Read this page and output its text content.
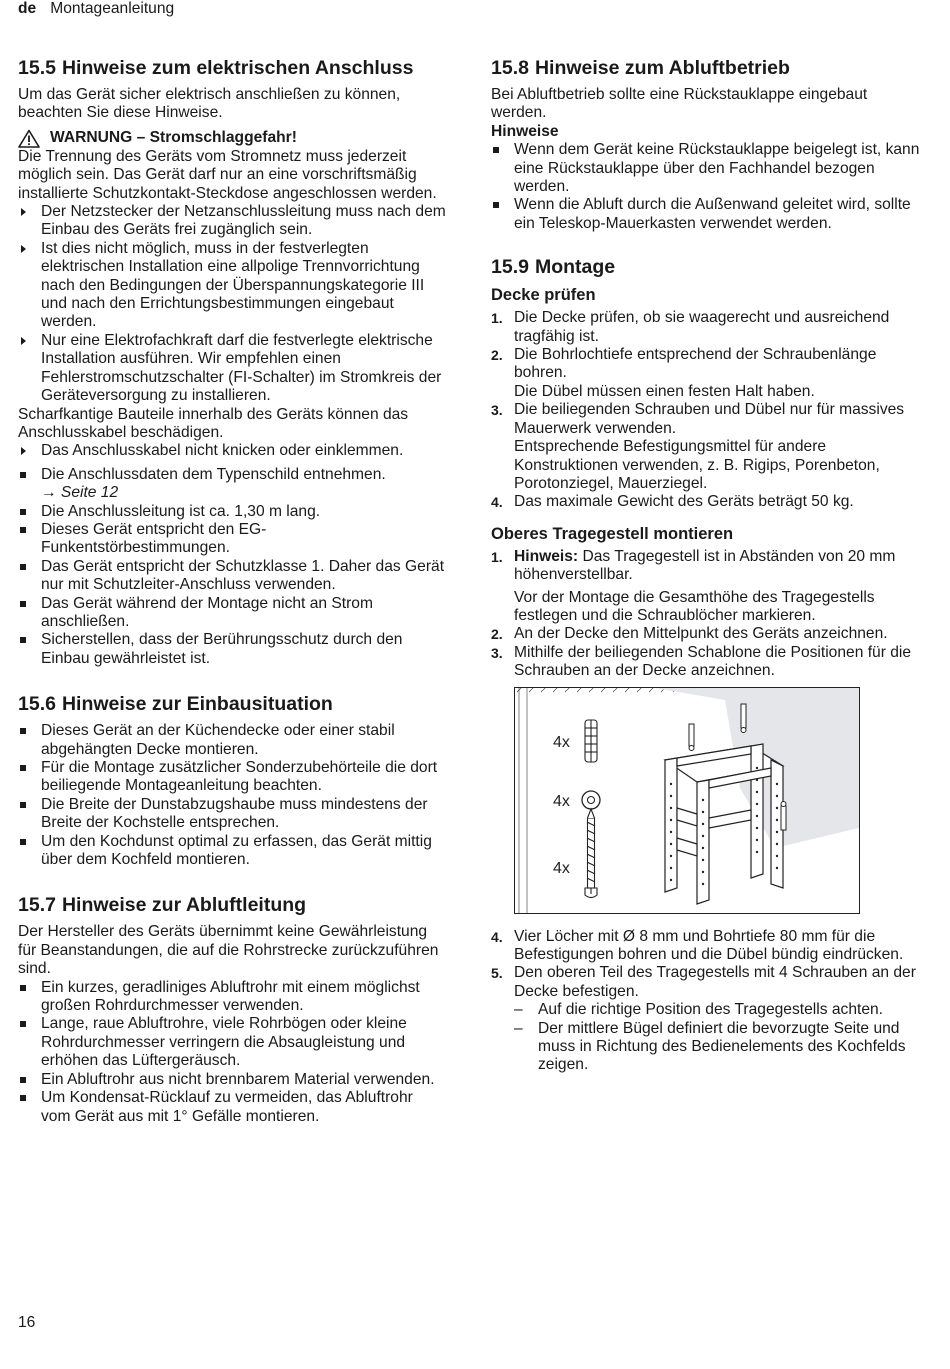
de Montageanleitung
15.5 Hinweise zum elektrischen Anschluss

Um das Gerät sicher elektrisch anschließen zu können, beachten Sie diese Hinweise.

WARNUNG – Stromschlaggefahr!

Die Trennung des Geräts vom Stromnetz muss jederzeit möglich sein. Das Gerät darf nur an eine vorschriftsmäßig installierte Schutzkontakt-Steckdose angeschlossen werden.

Der Netzstecker der Netzanschlussleitung muss nach dem Einbau des Geräts frei zugänglich sein.

Ist dies nicht möglich, muss in der festverlegten elektrischen Installation eine allpolige Trennvorrichtung nach den Bedingungen der Überspannungskategorie III und nach den Errichtungsbestimmungen eingebaut werden.

Nur eine Elektrofachkraft darf die festverlegte elektrische Installation ausführen. Wir empfehlen einen Fehlerstromschutzschalter (FI-Schalter) im Stromkreis der Geräteversorgung zu installieren.

Scharfkantige Bauteile innerhalb des Geräts können das Anschlusskabel beschädigen.

Das Anschlusskabel nicht knicken oder einklemmen.

Die Anschlussdaten dem Typenschild entnehmen.
→ Seite 12

Die Anschlussleitung ist ca. 1,30 m lang.

Dieses Gerät entspricht den EG-Funkentstörbestimmungen.

Das Gerät entspricht der Schutzklasse 1. Daher das Gerät nur mit Schutzleiter-Anschluss verwenden.

Das Gerät während der Montage nicht an Strom anschließen.

Sicherstellen, dass der Berührungsschutz durch den Einbau gewährleistet ist.

15.6 Hinweise zur Einbausituation

Dieses Gerät an der Küchendecke oder einer stabil abgehängten Decke montieren.

Für die Montage zusätzlicher Sonderzubehörteile die dort beiliegende Montageanleitung beachten.

Die Breite der Dunstabzugshaube muss mindestens der Breite der Kochstelle entsprechen.

Um den Kochdunst optimal zu erfassen, das Gerät mittig über dem Kochfeld montieren.

15.7 Hinweise zur Abluftleitung

Der Hersteller des Geräts übernimmt keine Gewährleistung für Beanstandungen, die auf die Rohrstrecke zurückzuführen sind.

Ein kurzes, geradliniges Abluftrohr mit einem möglichst großen Rohrdurchmesser verwenden.

Lange, raue Abluftrohre, viele Rohrbögen oder kleine Rohrdurchmesser verringern die Absaugleistung und erhöhen das Lüftergeräusch.

Ein Abluftrohr aus nicht brennbarem Material verwenden.

Um Kondensat-Rücklauf zu vermeiden, das Abluftrohr vom Gerät aus mit 1° Gefälle montieren.

15.8 Hinweise zum Abluftbetrieb

Bei Abluftbetrieb sollte eine Rückstauklappe eingebaut werden.

Hinweise

Wenn dem Gerät keine Rückstauklappe beigelegt ist, kann eine Rückstauklappe über den Fachhandel bezogen werden.

Wenn die Abluft durch die Außenwand geleitet wird, sollte ein Teleskop-Mauerkasten verwendet werden.

15.9 Montage
Decke prüfen
1. Die Decke prüfen, ob sie waagerecht und ausreichend tragfähig ist.
2. Die Bohrlochtiefe entsprechend der Schraubenlänge bohren.
Die Dübel müssen einen festen Halt haben.
3. Die beiliegenden Schrauben und Dübel nur für massives Mauerwerk verwenden.
Entsprechende Befestigungsmittel für andere Konstruktionen verwenden, z. B. Rigips, Porenbeton, Porotonziegel, Mauerziegel.
4. Das maximale Gewicht des Geräts beträgt 50 kg.
Oberes Tragegestell montieren
1. Hinweis: Das Tragegestell ist in Abständen von 20 mm höhenverstellbar.

Vor der Montage die Gesamthöhe des Tragegestells festlegen und die Schraublöcher markieren.

2. An der Decke den Mittelpunkt des Geräts anzeichnen.
3. Mithilfe der beiliegenden Schablone die Positionen für die Schrauben an der Decke anzeichnen.
4x
4x
4x
4. Vier Löcher mit Ø 8 mm und Bohrtiefe 80 mm für die Befestigungen bohren und die Dübel bündig eindrücken.
5. Den oberen Teil des Tragegestells mit 4 Schrauben an der Decke befestigen.

– Auf die richtige Position des Tragegestells achten.

– Der mittlere Bügel definiert die bevorzugte Seite und muss in Richtung des Bedienelements des Kochfelds zeigen.

16
